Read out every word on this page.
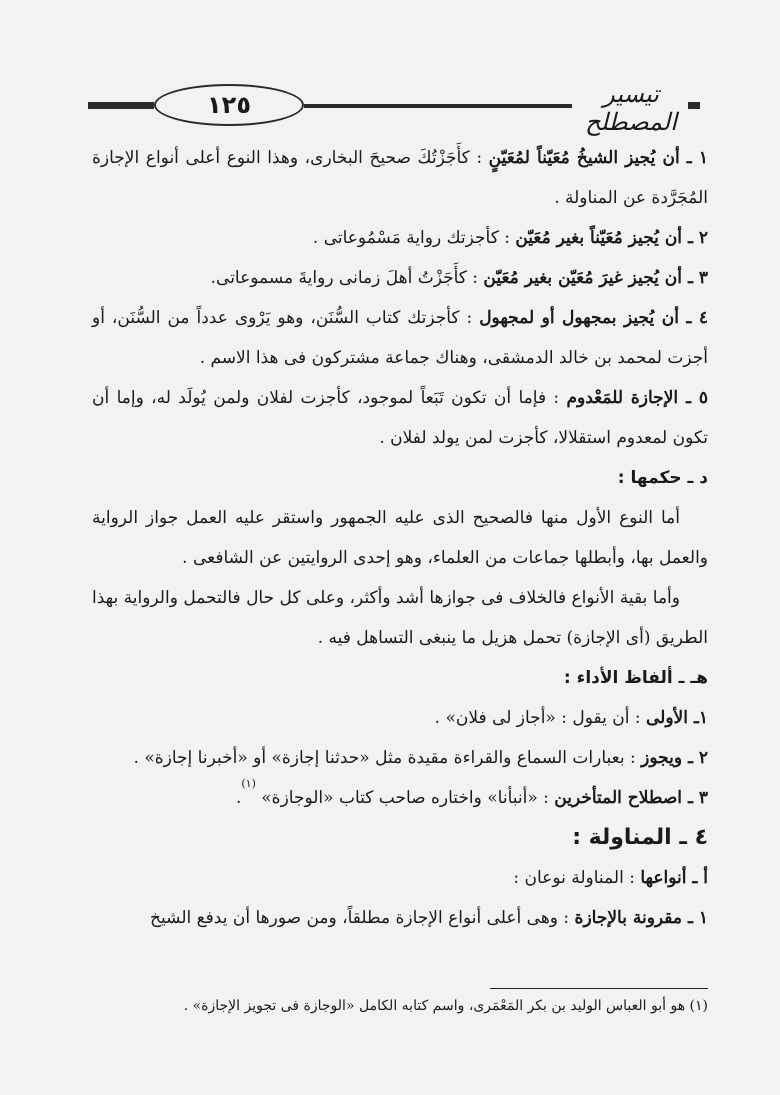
١٢٥	تيسير المصطلح

١ ـ أن يُجيز الشيخُ مُعَيّناً لمُعَيّنٍ : كأَجَزْتُكَ صحيحَ البخارى، وهذا النوع أعلى أنواع الإجازة المُجَرَّدة عن المناولة .

٢ ـ أن يُجيز مُعَيّناً بغير مُعَيّن : كأجزتك رواية مَسْمُوعاتى .

٣ ـ أن يُجيز غيرَ مُعَيّن بغير مُعَيّن : كأَجَزْتُ أهلَ زمانى روايةَ مسموعاتى.

٤ ـ أن يُجيز بمجهول أو لمجهول : كأجزتك كتاب السُّنَن، وهو يَرْوى عدداً من السُّنَن، أو أجزت لمحمد بن خالد الدمشقى، وهناك جماعة مشتركون فى هذا الاسم .

٥ ـ الإجازة للمَعْدوم : فإما أن تكون تَبَعاً لموجود، كأجزت لفلان ولمن يُولَد له، وإما أن تكون لمعدوم استقلالا، كأجزت لمن يولد لفلان .

د ـ حكمها :

أما النوع الأول منها فالصحيح الذى عليه الجمهور واستقر عليه العمل جواز الرواية والعمل بها، وأبطلها جماعات من العلماء، وهو إحدى الروايتين عن الشافعى .

وأما بقية الأنواع فالخلاف فى جوازها أشد وأكثر، وعلى كل حال فالتحمل والرواية بهذا الطريق (أى الإجازة) تحمل هزيل ما ينبغى التساهل فيه .

هـ ـ ألفاظ الأداء :

١ـ الأولى : أن يقول : «أجاز لى فلان» .

٢ ـ ويجوز : بعبارات السماع والقراءة مقيدة مثل «حدثنا إجازة» أو «أخبرنا إجازة» .

٣ ـ اصطلاح المتأخرين : «أنبأنا» واختاره صاحب كتاب «الوجازة» $^{(١)}$.

٤ ـ المناولة :

أ ـ أنواعها : المناولة نوعان :

١ ـ مقرونة بالإجازة : وهى أعلى أنواع الإجازة مطلقاً، ومن صورها أن يدفع الشيخ

(١) هو أبو العباس الوليد بن بكر المَعْمَرى، واسم كتابه الكامل «الوجازة فى تجويز الإجازة» .
